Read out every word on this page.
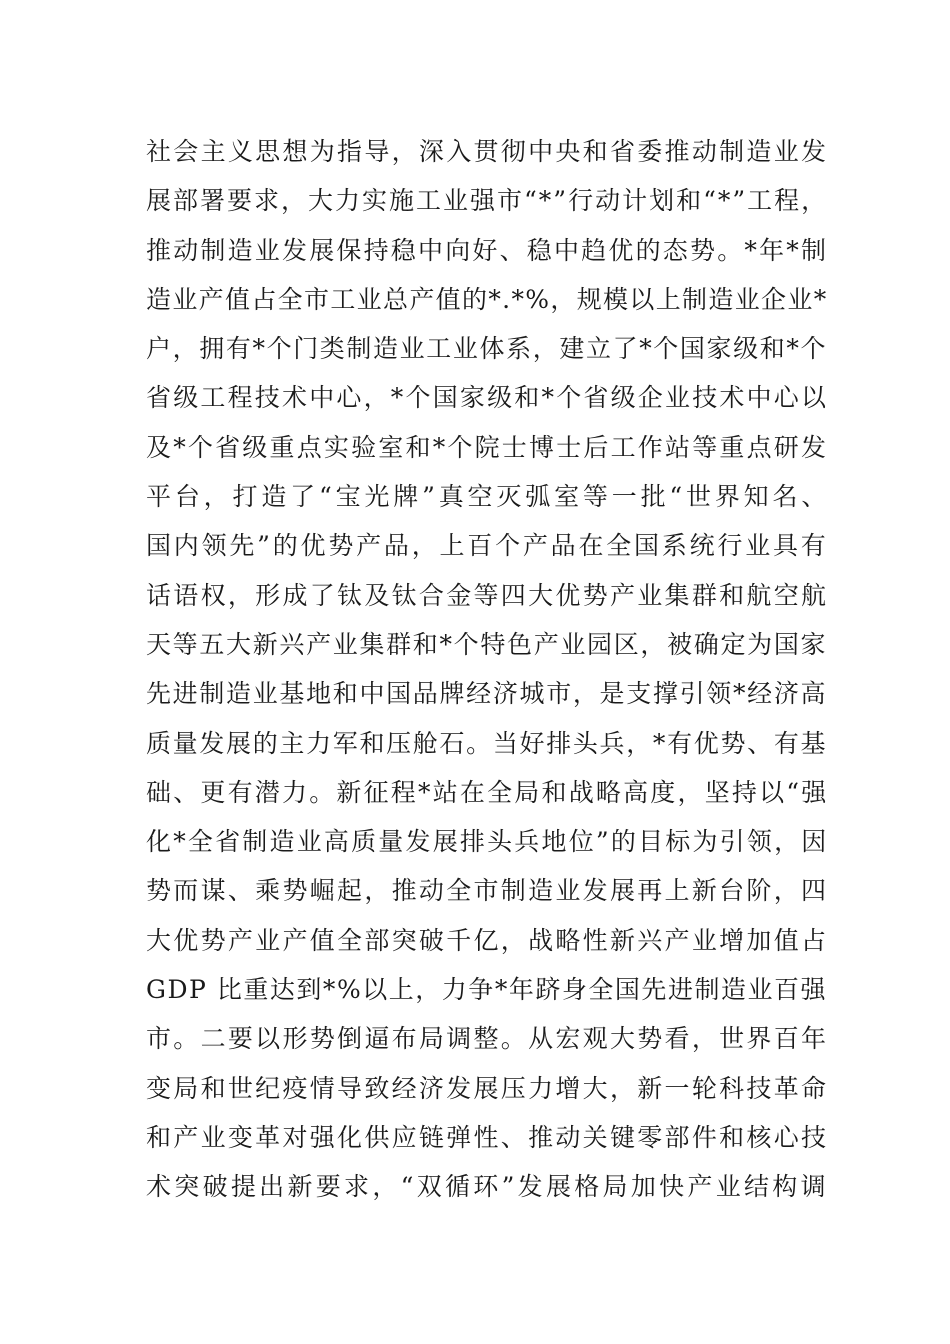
社会主义思想为指导，深入贯彻中央和省委推动制造业发
展部署要求，大力实施工业强市“*”行动计划和“*”工程，
推动制造业发展保持稳中向好、稳中趋优的态势。*年*制
造业产值占全市工业总产值的*.*%，规模以上制造业企业*
户，拥有*个门类制造业工业体系，建立了*个国家级和*个
省级工程技术中心，*个国家级和*个省级企业技术中心以
及*个省级重点实验室和*个院士博士后工作站等重点研发
平台，打造了“宝光牌”真空灭弧室等一批“世界知名、
国内领先”的优势产品，上百个产品在全国系统行业具有
话语权，形成了钛及钛合金等四大优势产业集群和航空航
天等五大新兴产业集群和*个特色产业园区，被确定为国家
先进制造业基地和中国品牌经济城市，是支撑引领*经济高
质量发展的主力军和压舱石。当好排头兵，*有优势、有基
础、更有潜力。新征程*站在全局和战略高度，坚持以“强
化*全省制造业高质量发展排头兵地位”的目标为引领，因
势而谋、乘势崛起，推动全市制造业发展再上新台阶，四
大优势产业产值全部突破千亿，战略性新兴产业增加值占
GDP 比重达到*%以上，力争*年跻身全国先进制造业百强
市。二要以形势倒逼布局调整。从宏观大势看，世界百年
变局和世纪疫情导致经济发展压力增大，新一轮科技革命
和产业变革对强化供应链弹性、推动关键零部件和核心技
术突破提出新要求，“双循环”发展格局加快产业结构调
